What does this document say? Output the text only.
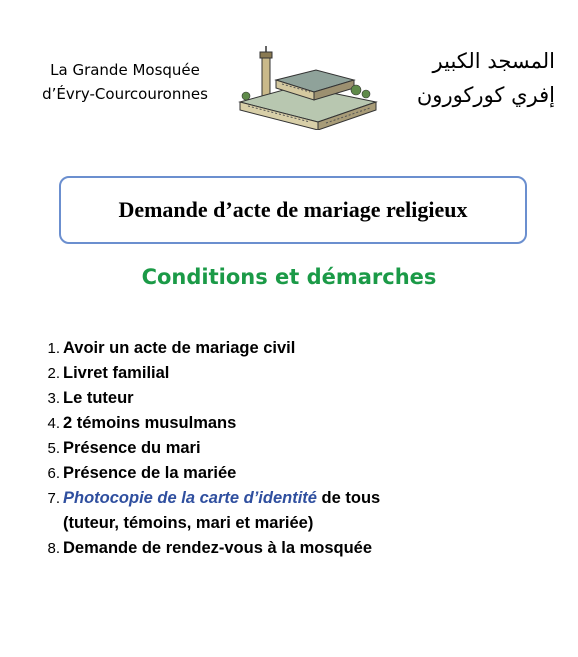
La Grande Mosquée
d’Évry-Courcouronnes
المسجد الكبير
إفري كوركورون
Demande d’acte de mariage religieux
Conditions et démarches
1. Avoir un acte de mariage civil
2. Livret familial
3. Le tuteur
4. 2 témoins musulmans
5. Présence du mari
6. Présence de la mariée
7. Photocopie de la carte d’identité de tous
(tuteur, témoins, mari et mariée)
8. Demande de rendez-vous à la mosquée
